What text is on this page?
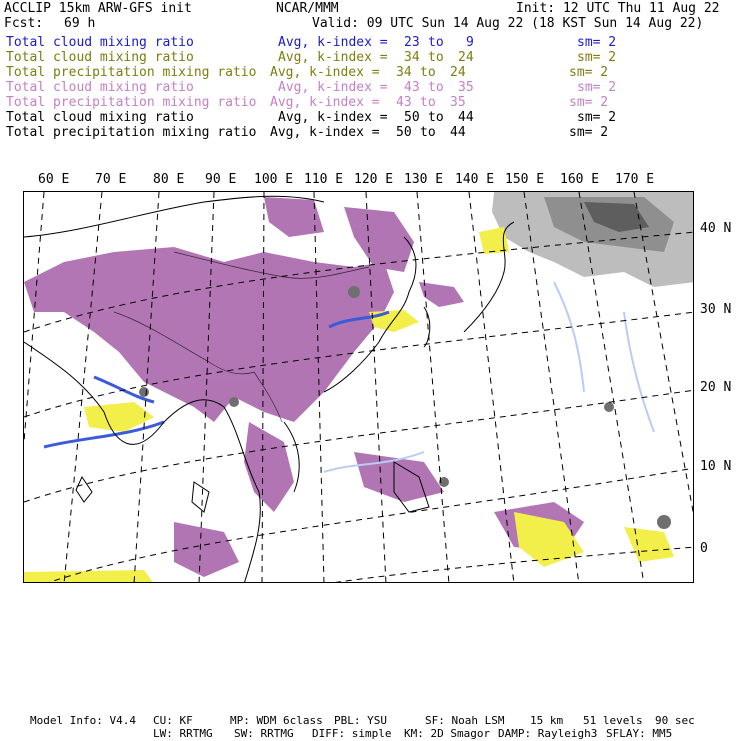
ACCLIP 15km ARW-GFS init	NCAR/MMM	Init: 12 UTC Thu 11 Aug 22
Fcst: 69 h	Valid: 09 UTC Sun 14 Aug 22 (18 KST Sun 14 Aug 22)
Total cloud mixing ratio	Avg, k-index = 23 to 9	sm= 2
Total cloud mixing ratio	Avg, k-index = 34 to 24	sm= 2
Total precipitation mixing ratio Avg, k-index = 34 to 24	sm= 2
Total cloud mixing ratio	Avg, k-index = 43 to 35	sm= 2
Total precipitation mixing ratio Avg, k-index = 43 to 35	sm= 2
Total cloud mixing ratio	Avg, k-index = 50 to 44	sm= 2
Total precipitation mixing ratio Avg, k-index = 50 to 44	sm= 2
60 E 70 E 80 E 90 E 100 E 110 E 120 E 130 E 140 E 150 E 160 E 170 E
40 N
30 N
20 N
10 N
0
Model Info: V4.4 CU: KF	MP: WDM 6class PBL: YSU	SF: Noah LSM 15 km 51 levels 90 sec
LW: RRTMG SW: RRTMG DIFF: simple KM: 2D Smagor DAMP: Rayleigh3 SFLAY: MM5
